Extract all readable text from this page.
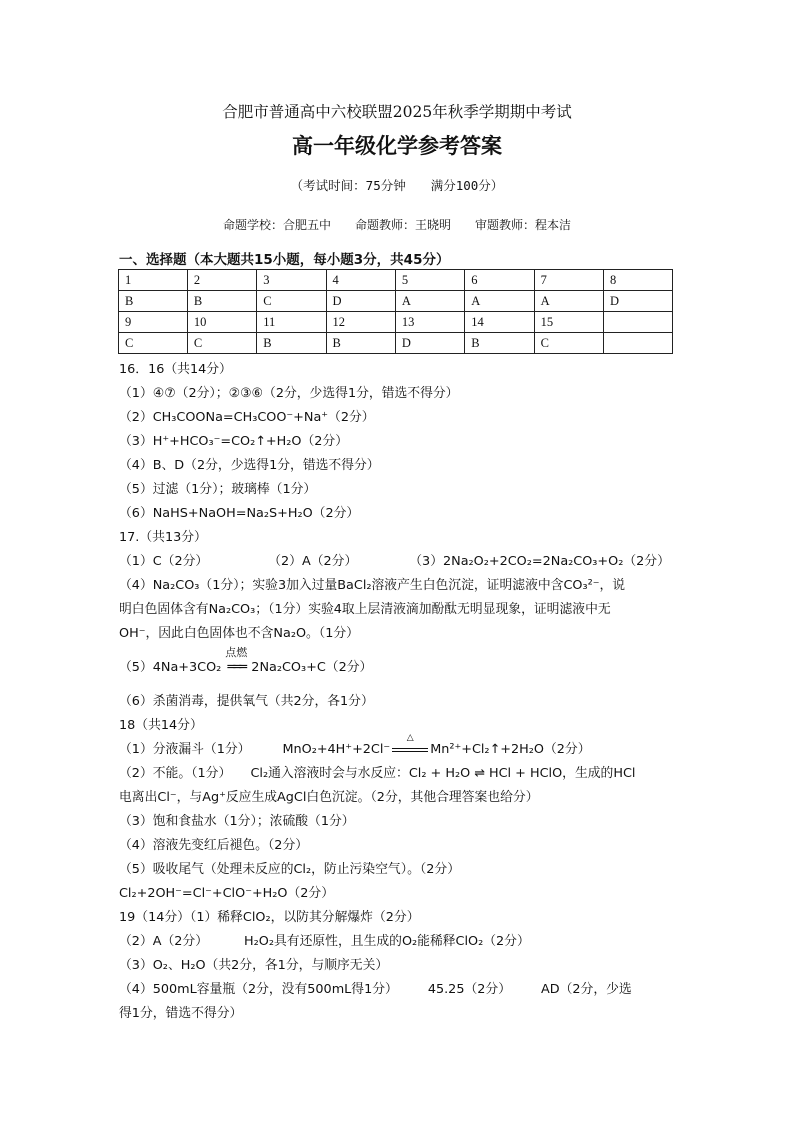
合肥市普通高中六校联盟2025年秋季学期期中考试
高一年级化学参考答案
（考试时间：75分钟　　满分100分）
命题学校：合肥五中　　命题教师：王晓明　　审题教师：程本洁
一、选择题（本大题共15小题，每小题3分，共45分）
1	2	3	4	5	6	7	8
B	B	C	D	A	A	A	D
9	10	11	12	13	14	15	
C	C	B	B	D	B	C	
16．16（共14分）
（1）④⑦（2分）；②③⑥（2分，少选得1分，错选不得分）
（2）CH₃COONa=CH₃COO⁻+Na⁺（2分）
（3）H⁺+HCO₃⁻=CO₂↑+H₂O（2分）
（4）B、D（2分，少选得1分，错选不得分）
（5）过滤（1分）；玻璃棒（1分）
（6）NaHS+NaOH=Na₂S+H₂O（2分）
17.（共13分）
（1）C（2分）	（2）A（2分）	（3）2Na₂O₂+2CO₂=2Na₂CO₃+O₂（2分）
（4）Na₂CO₃（1分）；实验3加入过量BaCl₂溶液产生白色沉淀，证明滤液中含CO₃²⁻，说
明白色固体含有Na₂CO₃；（1分）实验4取上层清液滴加酚酞无明显现象，证明滤液中无
OH⁻，因此白色固体也不含Na₂O。（1分）
（5）4Na+3CO₂
点燃
═══ 2Na₂CO₃+C（2分）
（6）杀菌消毒，提供氧气（共2分，各1分）
18（共14分）
（1）分液漏斗（1分）	MnO₂+4H⁺+2Cl⁻
△
Mn²⁺+Cl₂↑+2H₂O（2分）
（2）不能。（1分）　　Cl₂通入溶液时会与水反应：Cl₂ + H₂O ⇌ HCl + HClO，生成的HCl
电离出Cl⁻，与Ag⁺反应生成AgCl白色沉淀。（2分，其他合理答案也给分）
（3）饱和食盐水（1分）；浓硫酸（1分）
（4）溶液先变红后褪色。（2分）
（5）吸收尾气（处理未反应的Cl₂，防止污染空气）。（2分）
Cl₂+2OH⁻=Cl⁻+ClO⁻+H₂O（2分）
19（14分）（1）稀释ClO₂，以防其分解爆炸（2分）
（2）A（2分）	H₂O₂具有还原性，且生成的O₂能稀释ClO₂（2分）
（3）O₂、H₂O（共2分，各1分，与顺序无关）
（4）500mL容量瓶（2分，没有500mL得1分） 45.25（2分） AD（2分，少选
得1分，错选不得分）
